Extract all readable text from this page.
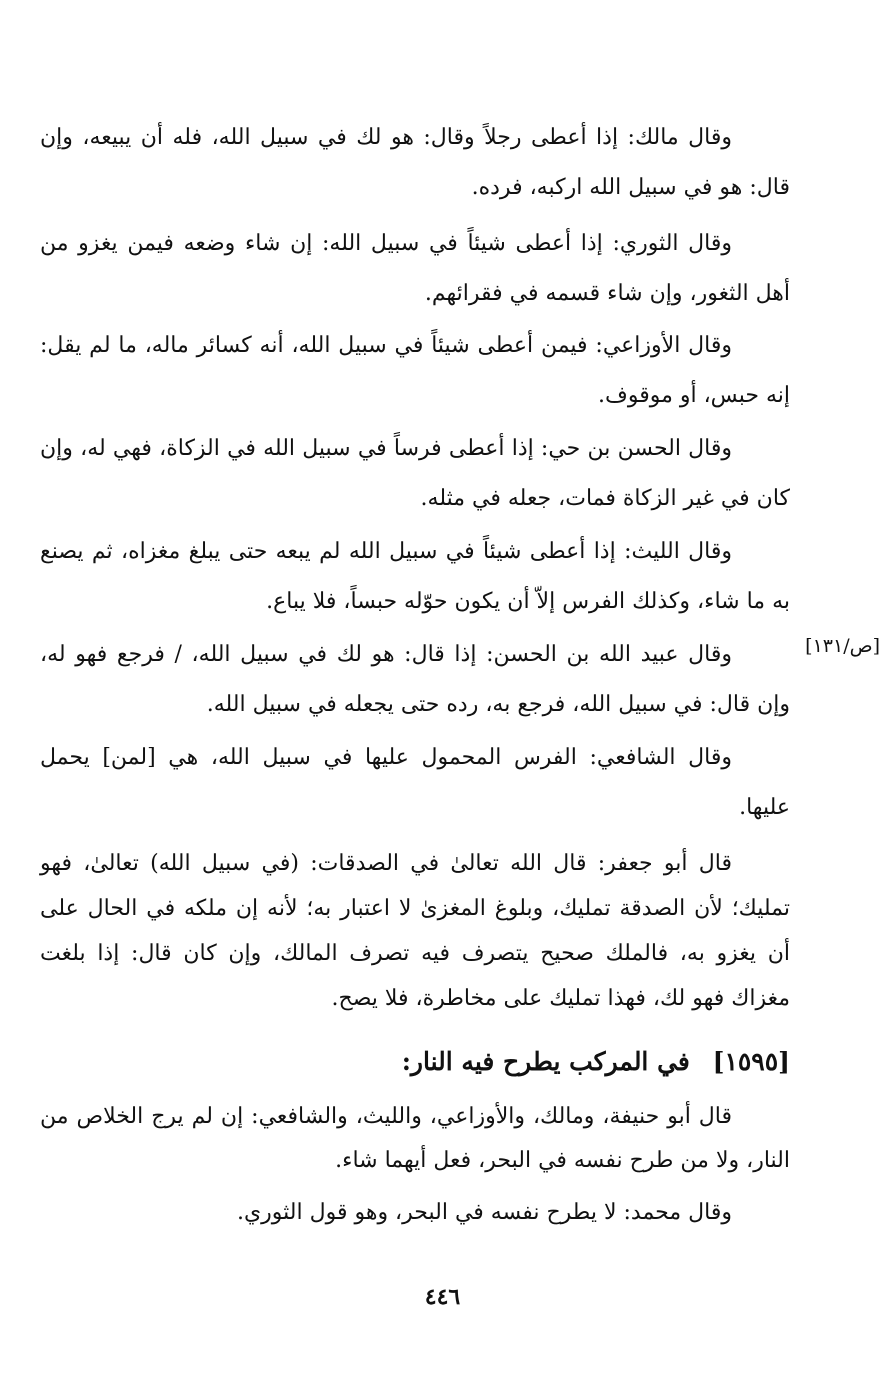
وقال مالك: إذا أعطى رجلاً وقال: هو لك في سبيل الله، فله أن يبيعه، وإن قال: هو في سبيل الله اركبه، فرده.

وقال الثوري: إذا أعطى شيئاً في سبيل الله: إن شاء وضعه فيمن يغزو من أهل الثغور، وإن شاء قسمه في فقرائهم.

وقال الأوزاعي: فيمن أعطى شيئاً في سبيل الله، أنه كسائر ماله، ما لم يقل: إنه حبس، أو موقوف.

وقال الحسن بن حي: إذا أعطى فرساً في سبيل الله في الزكاة، فهي له، وإن كان في غير الزكاة فمات، جعله في مثله.

وقال الليث: إذا أعطى شيئاً في سبيل الله لم يبعه حتى يبلغ مغزاه، ثم يصنع به ما شاء، وكذلك الفرس إلاّ أن يكون حوّله حبساً، فلا يباع.

وقال عبيد الله بن الحسن: إذا قال: هو لك في سبيل الله، / فرجع فهو له، وإن قال: في سبيل الله، فرجع به، رده حتى يجعله في سبيل الله.

وقال الشافعي: الفرس المحمول عليها في سبيل الله، هي [لمن] يحمل عليها.

قال أبو جعفر: قال الله تعالىٰ في الصدقات: (في سبيل الله) تعالىٰ، فهو تمليك؛ لأن الصدقة تمليك، وبلوغ المغزىٰ لا اعتبار به؛ لأنه إن ملكه في الحال على أن يغزو به، فالملك صحيح يتصرف فيه تصرف المالك، وإن كان قال: إذا بلغت مغزاك فهو لك، فهذا تمليك على مخاطرة، فلا يصح.

[ص/١٣١]
[١٥٩٥] في المركب يطرح فيه النار:

قال أبو حنيفة، ومالك، والأوزاعي، والليث، والشافعي: إن لم يرج الخلاص من النار، ولا من طرح نفسه في البحر، فعل أيهما شاء.

وقال محمد: لا يطرح نفسه في البحر، وهو قول الثوري.

٤٤٦
